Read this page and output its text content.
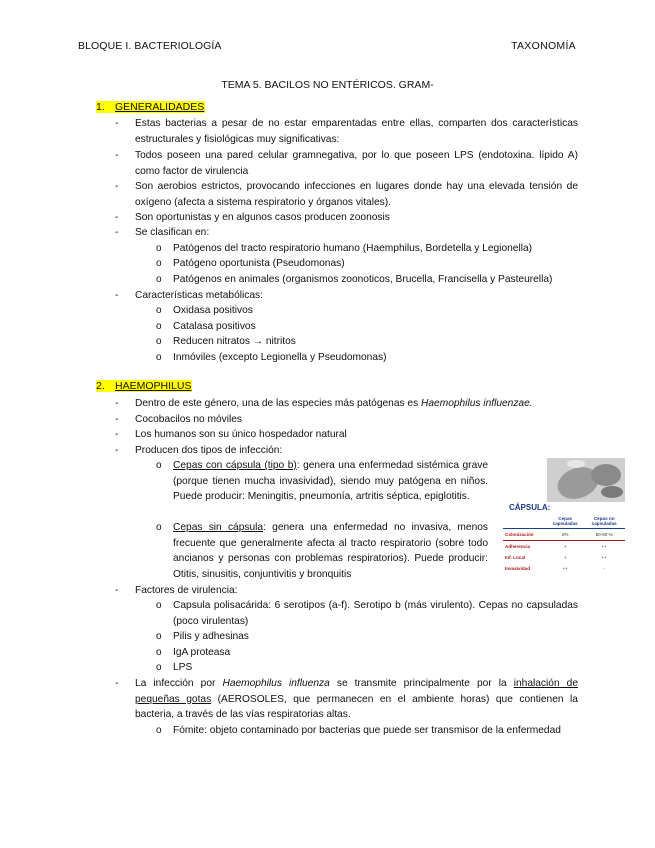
BLOQUE I. BACTERIOLOGÍA	TAXONOMÍA
TEMA 5. BACILOS NO ENTÉRICOS. GRAM-
1. GENERALIDADES
- Estas bacterias a pesar de no estar emparentadas entre ellas, comparten dos características estructurales y fisiológicas muy significativas:
- Todos poseen una pared celular gramnegativa, por lo que poseen LPS (endotoxina. lípido A) como factor de virulencia
- Son aerobios estrictos, provocando infecciones en lugares donde hay una elevada tensión de oxígeno (afecta a sistema respiratorio y órganos vitales).
- Son oportunistas y en algunos casos producen zoonosis
- Se clasifican en:
o Patógenos del tracto respiratorio humano (Haemphilus, Bordetella y Legionella)
o Patógeno oportunista (Pseudomonas)
o Patógenos en animales (organismos zoonoticos, Brucella, Francisella y Pasteurella)
- Características metabólicas:
o Oxidasa positivos
o Catalasa positivos
o Reducen nitratos → nitritos
o Inmóviles (excepto Legionella y Pseudomonas)
2. HAEMOPHILUS
- Dentro de este género, una de las especies más patógenas es Haemophilus influenzae.
- Cocobacilos no móviles
- Los humanos son su único hospedador natural
- Producen dos tipos de infección:
o Cepas con cápsula (tipo b): genera una enfermedad sistémica grave (porque tienen mucha invasividad), siendo muy patógena en niños. Puede producir: Meningitis, pneumonía, artritis séptica, epiglotitis.
o Cepas sin cápsula: genera una enfermedad no invasiva, menos frecuente que generalmente afecta al tracto respiratorio (sobre todo ancianos y personas con problemas respiratorios). Puede producir: Otitis, sinusitis, conjuntivitis y bronquitis
CÁPSULA:
	Cepas capsuladas	Cepas no capsuladas
Colonización	2%	50-80 %
Adherencia	+	++
Inf. Local	+	++
Invasividad	++	-
- Factores de virulencia:
o Capsula polisacárida: 6 serotipos (a-f). Serotipo b (más virulento). Cepas no capsuladas (poco virulentas)
o Pilis y adhesinas
o IgA proteasa
o LPS
- La infección por Haemophilus influenza se transmite principalmente por la inhalación de pequeñas gotas (AEROSOLES, que permanecen en el ambiente horas) que contienen la bacteria, a través de las vías respiratorias altas.
o Fómite: objeto contaminado por bacterias que puede ser transmisor de la enfermedad
